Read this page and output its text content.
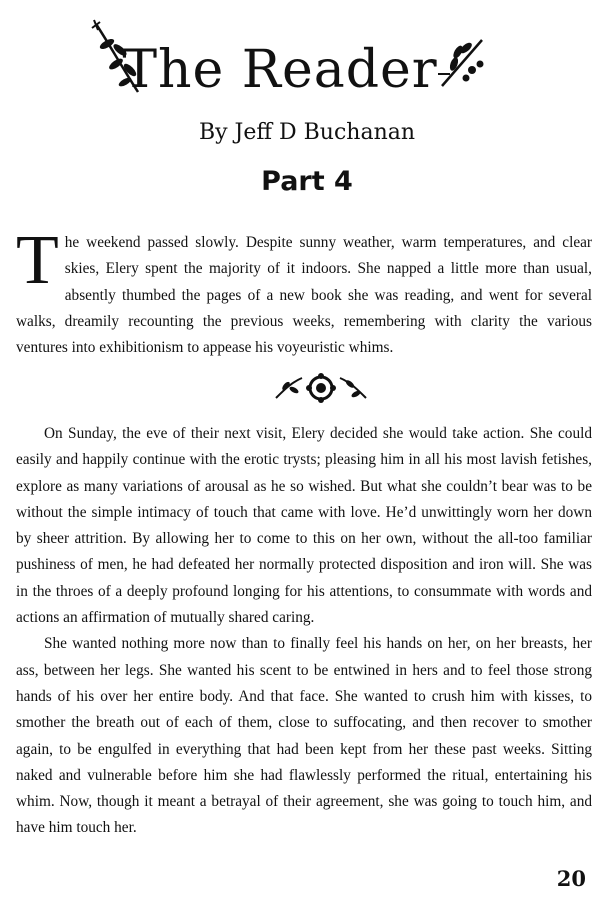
The Reader
By Jeff D Buchanan
Part 4
The weekend passed slowly. Despite sunny weather, warm temperatures, and clear skies, Elery spent the majority of it indoors. She napped a little more than usual, absently thumbed the pages of a new book she was reading, and went for several walks, dreamily recounting the previous weeks, remembering with clarity the various ventures into exhibitionism to appease his voyeuristic whims.

On Sunday, the eve of their next visit, Elery decided she would take action. She could easily and happily continue with the erotic trysts; pleasing him in all his most lavish fetishes, explore as many variations of arousal as he so wished. But what she couldn’t bear was to be without the simple intimacy of touch that came with love. He’d unwittingly worn her down by sheer attrition. By allowing her to come to this on her own, without the all-too familiar pushiness of men, he had defeated her normally protected disposition and iron will. She was in the throes of a deeply profound longing for his attentions, to consummate with words and actions an affirmation of mutually shared caring.

She wanted nothing more now than to finally feel his hands on her, on her breasts, her ass, between her legs. She wanted his scent to be entwined in hers and to feel those strong hands of his over her entire body. And that face. She wanted to crush him with kisses, to smother the breath out of each of them, close to suffocating, and then recover to smother again, to be engulfed in everything that had been kept from her these past weeks. Sitting naked and vulnerable before him she had flawlessly performed the ritual, entertaining his whim. Now, though it meant a betrayal of their agreement, she was going to touch him, and have him touch her.

20
